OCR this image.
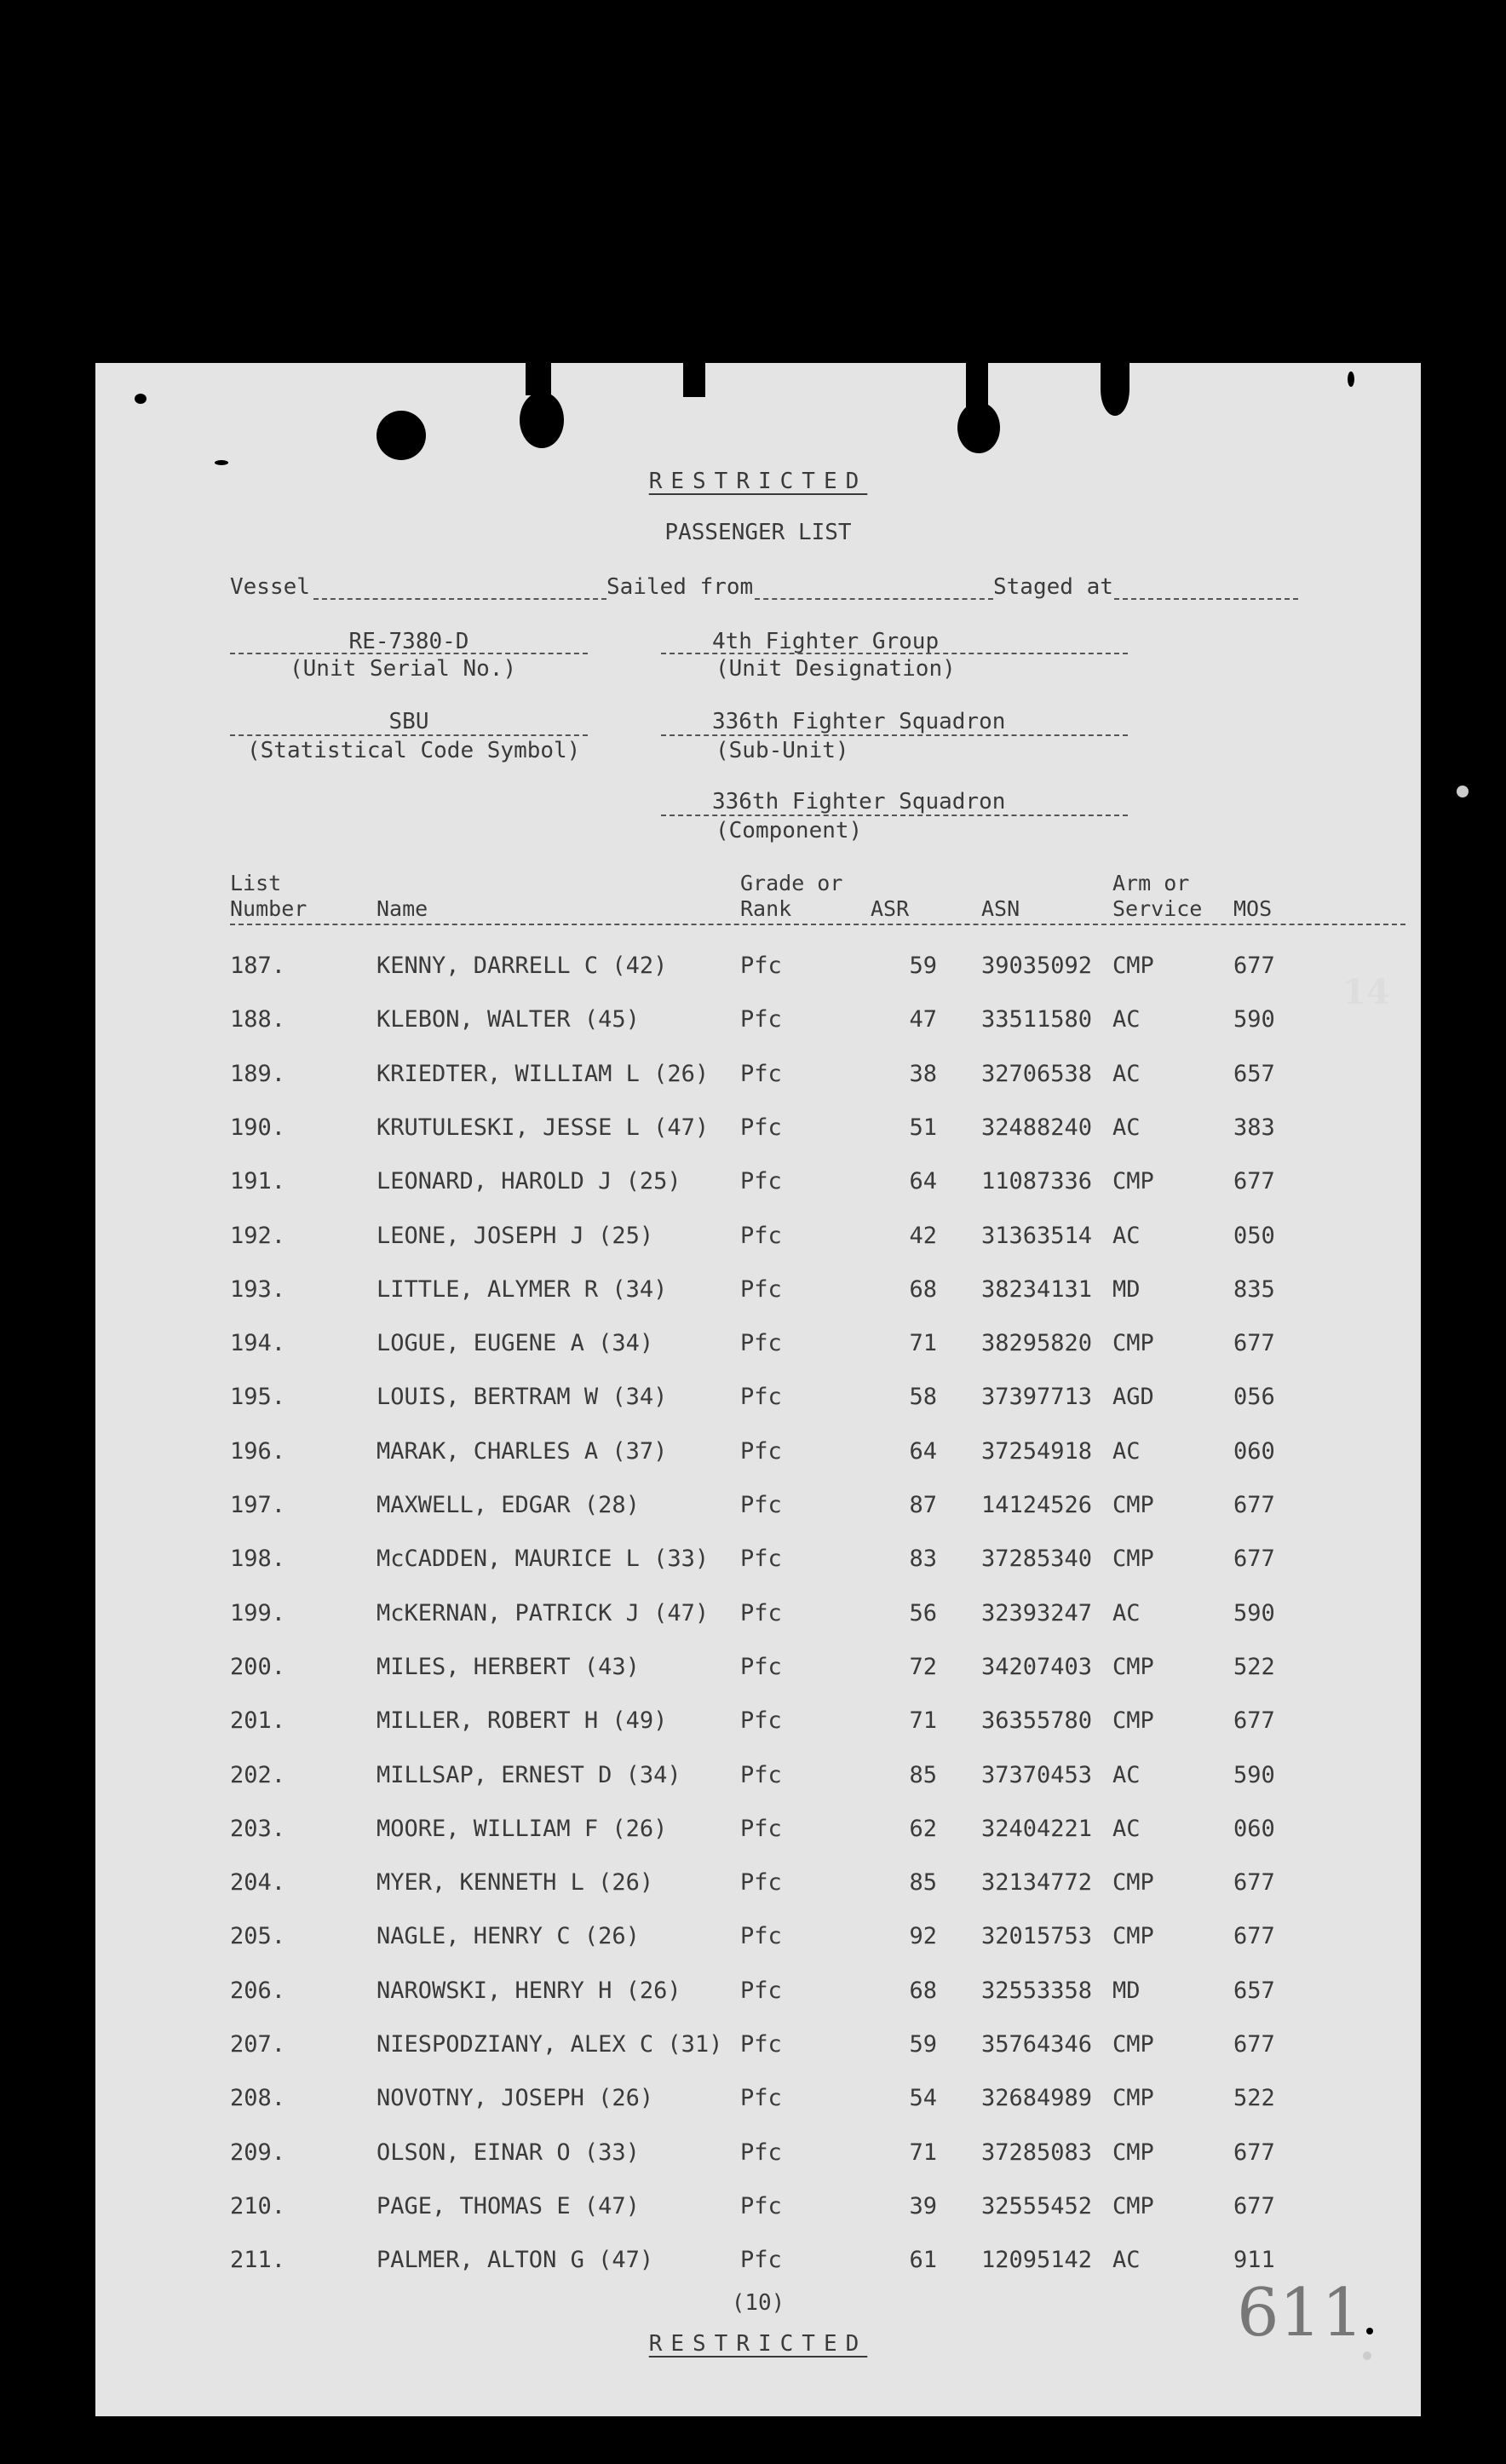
RESTRICTED
PASSENGER LIST
Vessel	Sailed from	Staged at
RE-7380-D
(Unit Serial No.)
4th Fighter Group
(Unit Designation)
SBU
(Statistical Code Symbol)
336th Fighter Squadron
(Sub-Unit)
336th Fighter Squadron
(Component)
List
Number	Name
Grade or
Rank	ASR	ASN
Arm or
Service MOS
187.	KENNY, DARRELL C (42)	Pfc	59 39035092 CMP	677
188.	KLEBON, WALTER (45)	Pfc	47 33511580 AC	590
189.	KRIEDTER, WILLIAM L (26) Pfc	38 32706538 AC	657
190.	KRUTULESKI, JESSE L (47) Pfc	51 32488240 AC	383
191.	LEONARD, HAROLD J (25)	Pfc	64 11087336 CMP	677
192.	LEONE, JOSEPH J (25)	Pfc	42 31363514 AC	050
193.	LITTLE, ALYMER R (34)	Pfc	68 38234131 MD	835
194.	LOGUE, EUGENE A (34)	Pfc	71 38295820 CMP	677
195.	LOUIS, BERTRAM W (34)	Pfc	58 37397713 AGD	056
196.	MARAK, CHARLES A (37)	Pfc	64 37254918 AC	060
197.	MAXWELL, EDGAR (28)	Pfc	87 14124526 CMP	677
198.	McCADDEN, MAURICE L (33) Pfc	83 37285340 CMP	677
199.	McKERNAN, PATRICK J (47) Pfc	56 32393247 AC	590
200.	MILES, HERBERT (43)	Pfc	72 34207403 CMP	522
201.	MILLER, ROBERT H (49)	Pfc	71 36355780 CMP	677
202.	MILLSAP, ERNEST D (34)	Pfc	85 37370453 AC	590
203.	MOORE, WILLIAM F (26)	Pfc	62 32404221 AC	060
204.	MYER, KENNETH L (26)	Pfc	85 32134772 CMP	677
205.	NAGLE, HENRY C (26)	Pfc	92 32015753 CMP	677
206.	NAROWSKI, HENRY H (26)	Pfc	68 32553358 MD	657
207.	NIESPODZIANY, ALEX C (31) Pfc	59 35764346 CMP	677
208.	NOVOTNY, JOSEPH (26)	Pfc	54 32684989 CMP	522
209.	OLSON, EINAR O (33)	Pfc	71 37285083 CMP	677
210.	PAGE, THOMAS E (47)	Pfc	39 32555452 CMP	677
211.	PALMER, ALTON G (47)	Pfc	61 12095142 AC	911
(10)
RESTRICTED	611
14
